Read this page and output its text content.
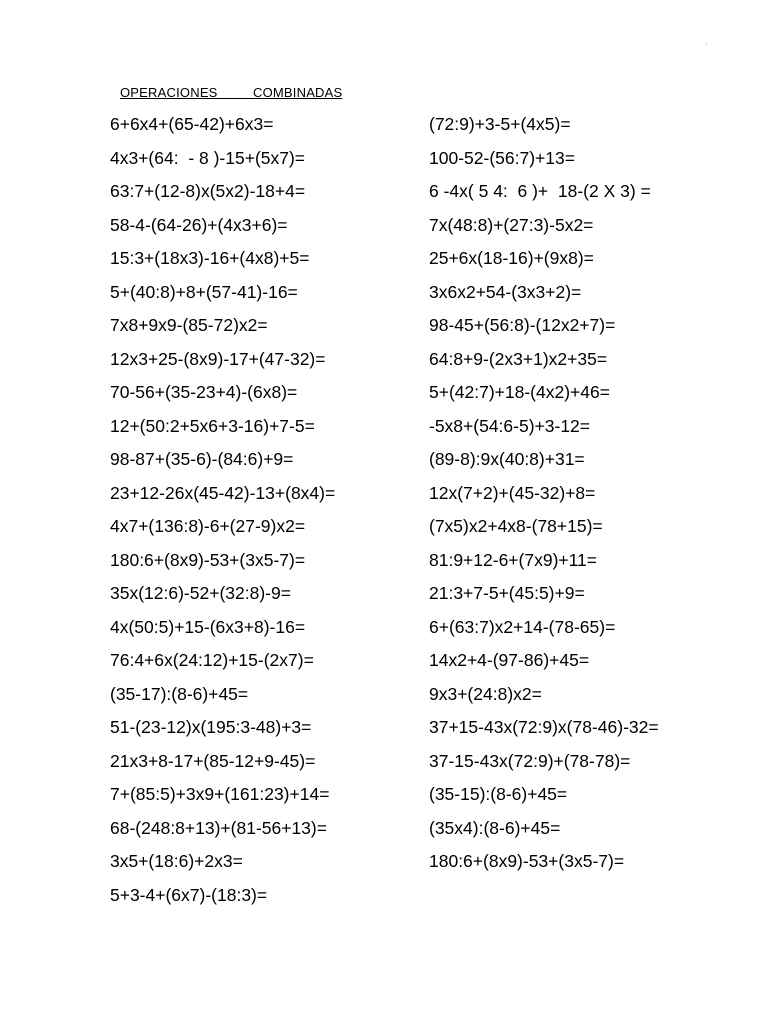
·
OPERACIONES   COMBINADAS
6+6x4+(65-42)+6x3=
4x3+(64:  - 8 )-15+(5x7)=
63:7+(12-8)x(5x2)-18+4=
58-4-(64-26)+(4x3+6)=
15:3+(18x3)-16+(4x8)+5=
5+(40:8)+8+(57-41)-16=
7x8+9x9-(85-72)x2=
12x3+25-(8x9)-17+(47-32)=
70-56+(35-23+4)-(6x8)=
12+(50:2+5x6+3-16)+7-5=
98-87+(35-6)-(84:6)+9=
23+12-26x(45-42)-13+(8x4)=
4x7+(136:8)-6+(27-9)x2=
180:6+(8x9)-53+(3x5-7)=
35x(12:6)-52+(32:8)-9=
4x(50:5)+15-(6x3+8)-16=
76:4+6x(24:12)+15-(2x7)=
(35-17):(8-6)+45=
51-(23-12)x(195:3-48)+3=
21x3+8-17+(85-12+9-45)=
7+(85:5)+3x9+(161:23)+14=
68-(248:8+13)+(81-56+13)=
3x5+(18:6)+2x3=
5+3-4+(6x7)-(18:3)=
(72:9)+3-5+(4x5)=
100-52-(56:7)+13=
6 -4x( 5 4:  6 )+  18-(2 X 3) =
7x(48:8)+(27:3)-5x2=
25+6x(18-16)+(9x8)=
3x6x2+54-(3x3+2)=
98-45+(56:8)-(12x2+7)=
64:8+9-(2x3+1)x2+35=
5+(42:7)+18-(4x2)+46=
-5x8+(54:6-5)+3-12=
(89-8):9x(40:8)+31=
12x(7+2)+(45-32)+8=
(7x5)x2+4x8-(78+15)=
81:9+12-6+(7x9)+11=
21:3+7-5+(45:5)+9=
6+(63:7)x2+14-(78-65)=
14x2+4-(97-86)+45=
9x3+(24:8)x2=
37+15-43x(72:9)x(78-46)-32=
37-15-43x(72:9)+(78-78)=
(35-15):(8-6)+45=
(35x4):(8-6)+45=
180:6+(8x9)-53+(3x5-7)=
